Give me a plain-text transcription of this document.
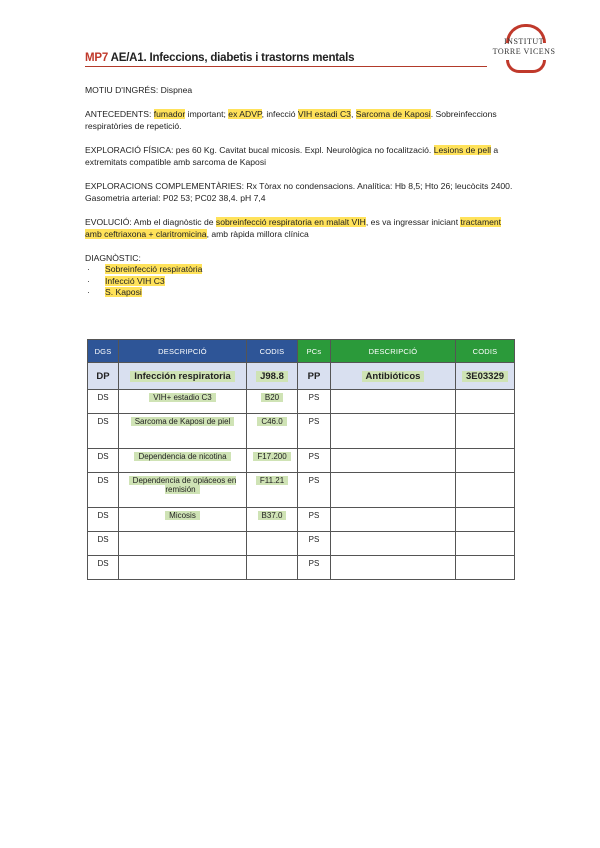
MP7 AE/A1. Infeccions, diabetis i trastorns mentals
INSTITUT
TORRE VICENS

MOTIU D'INGRÉS: Dispnea

ANTECEDENTS: fumador important; ex ADVP, infecció VIH estadi C3, Sarcoma de Kaposi. Sobreinfeccions respiratòries de repetició.

EXPLORACIÓ FÍSICA: pes 60 Kg. Cavitat bucal micosis. Expl. Neurològica no focalització. Lesions de pell a extremitats compatible amb sarcoma de Kaposi

EXPLORACIONS COMPLEMENTÀRIES: Rx Tòrax no condensacions. Analítica: Hb 8,5; Hto 26; leucòcits 2400. Gasometria arterial: P02 53; PC02 38,4. pH 7,4

EVOLUCIÓ: Amb el diagnòstic de sobreinfecció respiratoria en malalt VIH, es va ingressar iniciant tractament amb ceftriaxona + claritromicina, amb ràpida millora clínica

DIAGNÒSTIC:
· Sobreinfecció respiratòria
· Infecció VIH C3
· S. Kaposi
DGS	DESCRIPCIÓ	CODIS	PCs	DESCRIPCIÓ	CODIS
DP	Infección respiratoria	J98.8	PP	Antibióticos	3E03329
DS	VIH+ estadio C3	B20	PS		
DS	Sarcoma de Kaposi de piel	C46.0	PS		
DS	Dependencia de nicotina	F17.200	PS		
DS	Dependencia de opiáceos en remisión	F11.21	PS		
DS	Micosis	B37.0	PS		
DS			PS		
DS			PS		
